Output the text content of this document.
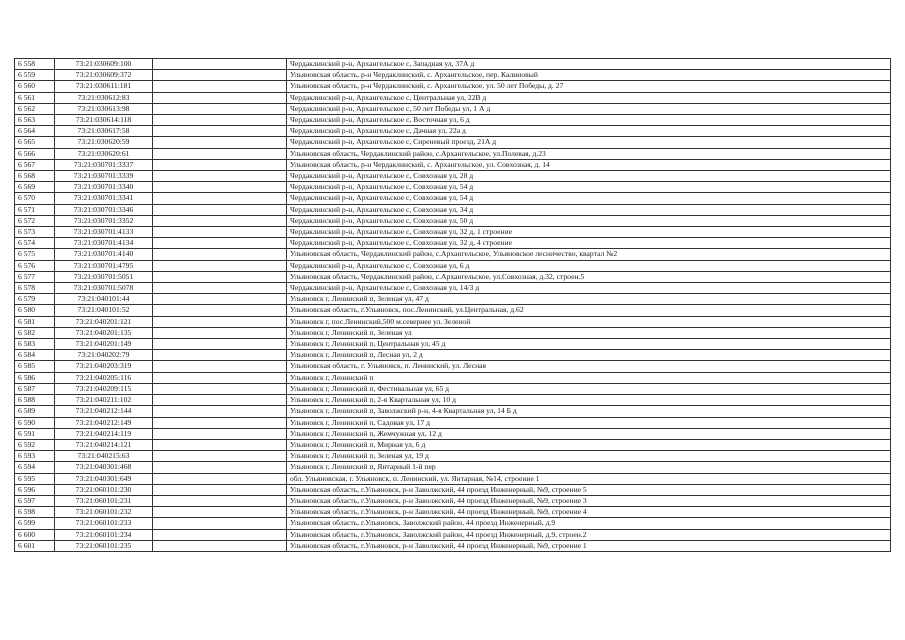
6 558	73:21:030609:100		Чердаклинский р-н, Архангельское с, Западная ул, 37А д
6 559	73:21:030609:372		Ульяновская область, р-н Чердаклинский, с. Архангельское, пер. Калиновый
6 560	73:21:030611:181		Ульяновская область, р-н Чердаклинский, с. Архангельское, ул. 50 лет Победы, д. 27
6 561	73:21:030612:83		Чердаклинский р-н, Архангельское с, Центральная ул, 22В д
6 562	73:21:030613:98		Чердаклинский р-н, Архангельское с, 50 лет Победы ул, 1 А д
6 563	73:21:030614:118		Чердаклинский р-н, Архангельское с, Восточная ул, 6 д
6 564	73:21:030617:58		Чердаклинский р-н, Архангельское с, Дачная ул, 22а д
6 565	73:21:030620:59		Чердаклинский р-н, Архангельское с, Сиреневый проезд, 21А д
6 566	73:21:030620:61		Ульяновская область, Чердаклинский район, с.Архангельское, ул.Полевая, д.23
6 567	73:21:030701:3337		Ульяновская область, р-н Чердаклинский, с. Архангельское, ул. Совхозная, д. 14
6 568	73:21:030701:3339		Чердаклинский р-н, Архангельское с, Совхозная ул, 28 д
6 569	73:21:030701:3340		Чердаклинский р-н, Архангельское с, Совхозная ул, 54 д
6 570	73:21:030701:3341		Чердаклинский р-н, Архангельское с, Совхозная ул, 54 д
6 571	73:21:030701:3346		Чердаклинский р-н, Архангельское с, Совхозная ул, 34 д
6 572	73:21:030701:3352		Чердаклинский р-н, Архангельское с, Совхозная ул, 50 д
6 573	73:21:030701:4133		Чердаклинский р-н, Архангельское с, Совхозная ул, 32 д, 1 строение
6 574	73:21:030701:4134		Чердаклинский р-н, Архангельское с, Совхозная ул, 32 д, 4 строение
6 575	73:21:030701:4140		Ульяновская область, Чердаклинский район, с.Архангельское, Ульяновское лесничество, квартал №2
6 576	73:21:030701:4795		Чердаклинский р-н, Архангельское с, Совхозная ул, 6 д
6 577	73:21:030701:5051		Ульяновская область, Чердаклинский район, с.Архангельское, ул.Совхозная, д.32, строен.5
6 578	73:21:030701:5078		Чердаклинский р-н, Архангельское с, Совхозная ул, 14/3 д
6 579	73:21:040101:44		Ульяновск г, Ленинский п, Зеленая ул, 47 д
6 580	73:21:040101:52		Ульяновская область, г.Ульяновск, пос.Ленинский, ул.Центральная, д.62
6 581	73:21:040201:121		Ульяновск г, пос.Ленинский,500 м.севернее ул. Зеленой
6 582	73:21:040201:135		Ульяновск г, Ленинский п, Зеленая ул
6 583	73:21:040201:149		Ульяновск г, Ленинский п, Центральная ул, 45 д
6 584	73:21:040202:79		Ульяновск г, Ленинский п, Лесная ул, 2 д
6 585	73:21:040203:319		Ульяновская область, г. Ульяновск, п. Ленинский, ул. Лесная
6 586	73:21:040205:116		Ульяновск г, Ленинский п
6 587	73:21:040209:115		Ульяновск г, Ленинский п, Фестивальная ул, 65 д
6 588	73:21:040211:102		Ульяновск г, Ленинский п, 2-я Квартальная ул, 10 д
6 589	73:21:040212:144		Ульяновск г, Ленинский п, Заволжский р-н, 4-я Квартальная ул, 14 Б д
6 590	73:21:040212:149		Ульяновск г, Ленинский п, Садовая ул, 17 д
6 591	73:21:040214:119		Ульяновск г, Ленинский п, Жемчужная ул, 12 д
6 592	73:21:040214:121		Ульяновск г, Ленинский п, Мирная ул, 6 д
6 593	73:21:040215:63		Ульяновск г, Ленинский п, Зеленая ул, 19 д
6 594	73:21:040301:468		Ульяновск г, Ленинский п, Янтарный 1-й пер
6 595	73:21:040301:649		обл. Ульяновская, г. Ульяновск, п. Ленинский, ул. Янтарная, №14, строение 1
6 596	73:21:060101:230		Ульяновская область, г.Ульяновск, р-н Заволжский, 44 проезд Инженерный, №9, строение 5
6 597	73:21:060101:231		Ульяновская область, г.Ульяновск, р-н Заволжский, 44 проезд Инженерный, №9, строение 3
6 598	73:21:060101:232		Ульяновская область, г.Ульяновск, р-н Заволжский, 44 проезд Инженерный, №9, строение 4
6 599	73:21:060101:233		Ульяновская область, г.Ульяновск, Заволжский район, 44 проезд Инженерный, д.9
6 600	73:21:060101:234		Ульяновская область, г.Ульяновск, Заволжский район, 44 проезд Инженерный, д.9, строен.2
6 601	73:21:060101:235		Ульяновская область, г.Ульяновск, р-н Заволжский, 44 проезд Инженерный, №9, строение 1
